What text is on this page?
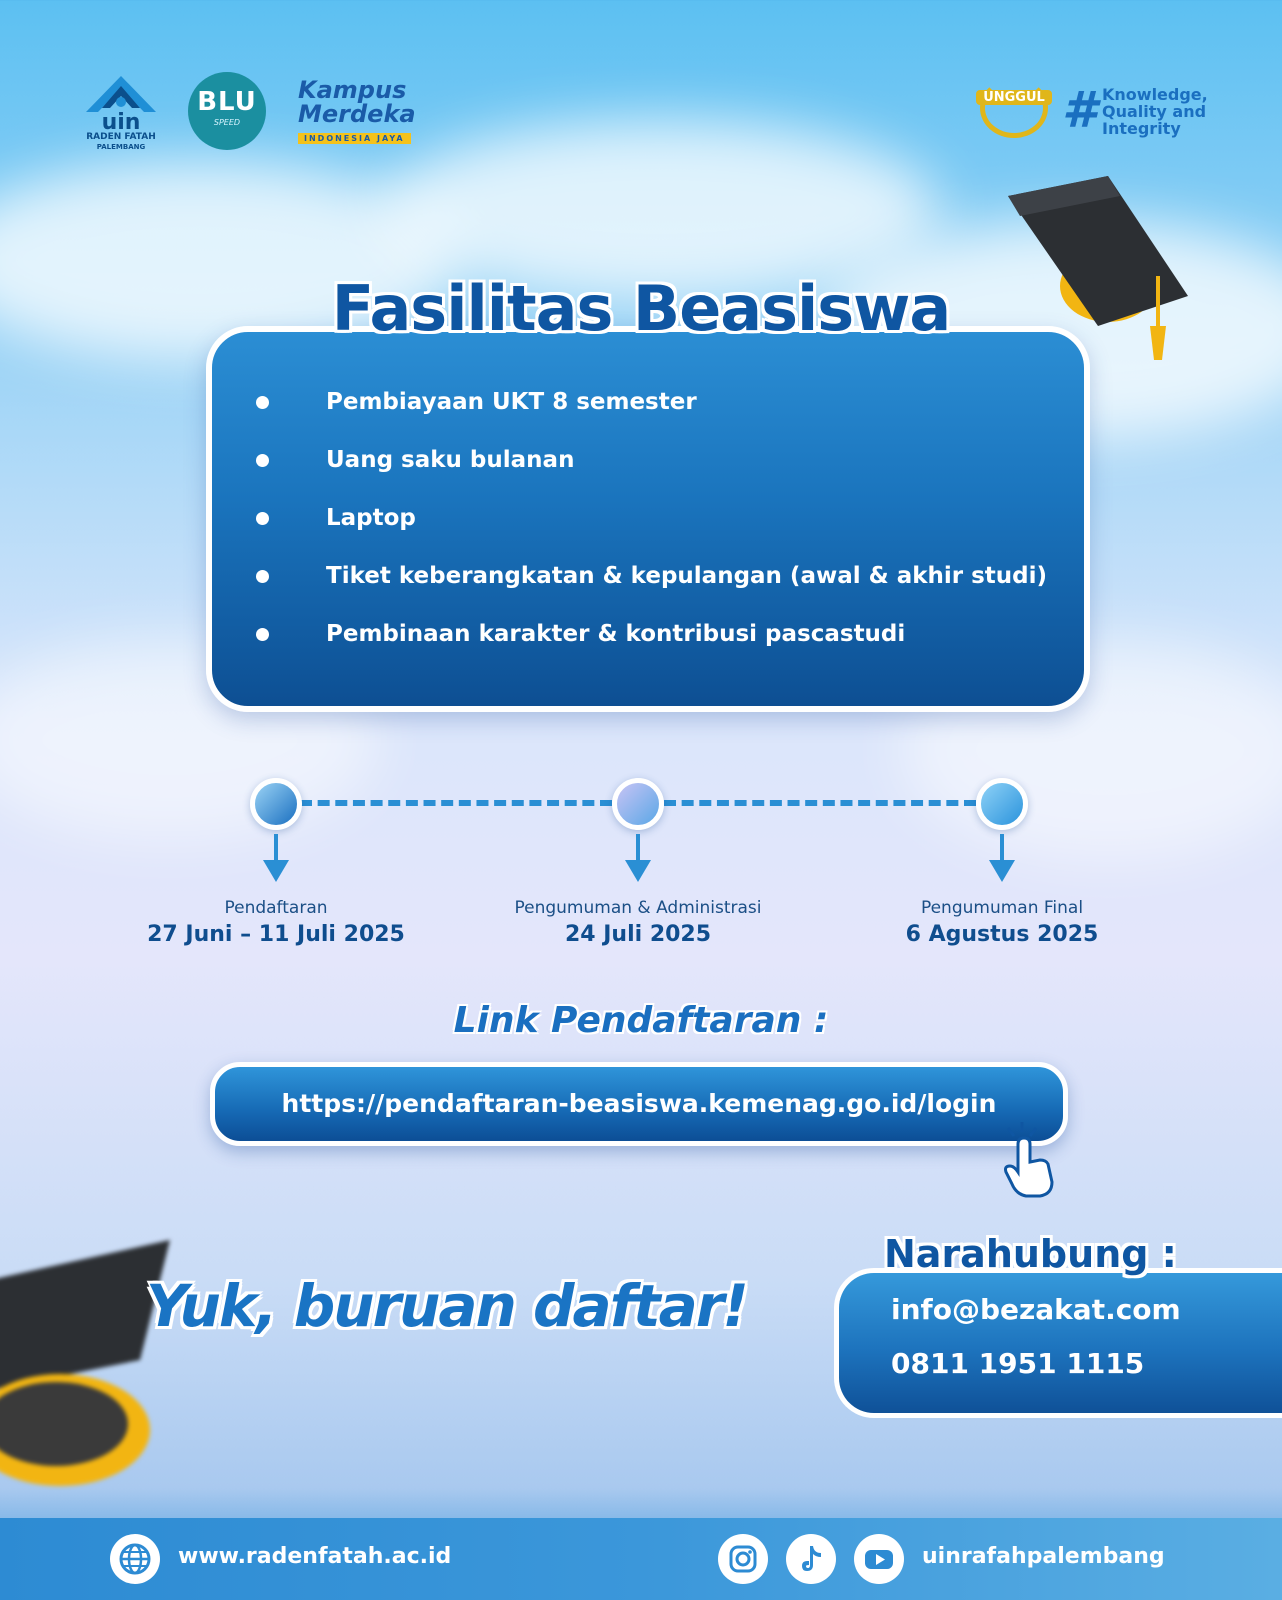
uin
RADEN FATAH
PALEMBANG
BLU
SPEED
Kampus
Merdeka
INDONESIA JAYA
UNGGUL # Knowledge,
Quality and
Integrity
Fasilitas Beasiswa
Pembiayaan UKT 8 semester
Uang saku bulanan
Laptop
Tiket keberangkatan & kepulangan (awal & akhir studi)
Pembinaan karakter & kontribusi pascastudi
Pendaftaran
27 Juni – 11 Juli 2025
Pengumuman & Administrasi
24 Juli 2025
Pengumuman Final
6 Agustus 2025
Link Pendaftaran :
https://pendaftaran-beasiswa.kemenag.go.id/login
Yuk, buruan daftar!	info@bezakat.com
0811 1951 1115
Narahubung :
www.radenfatah.ac.id	uinrafahpalembang
